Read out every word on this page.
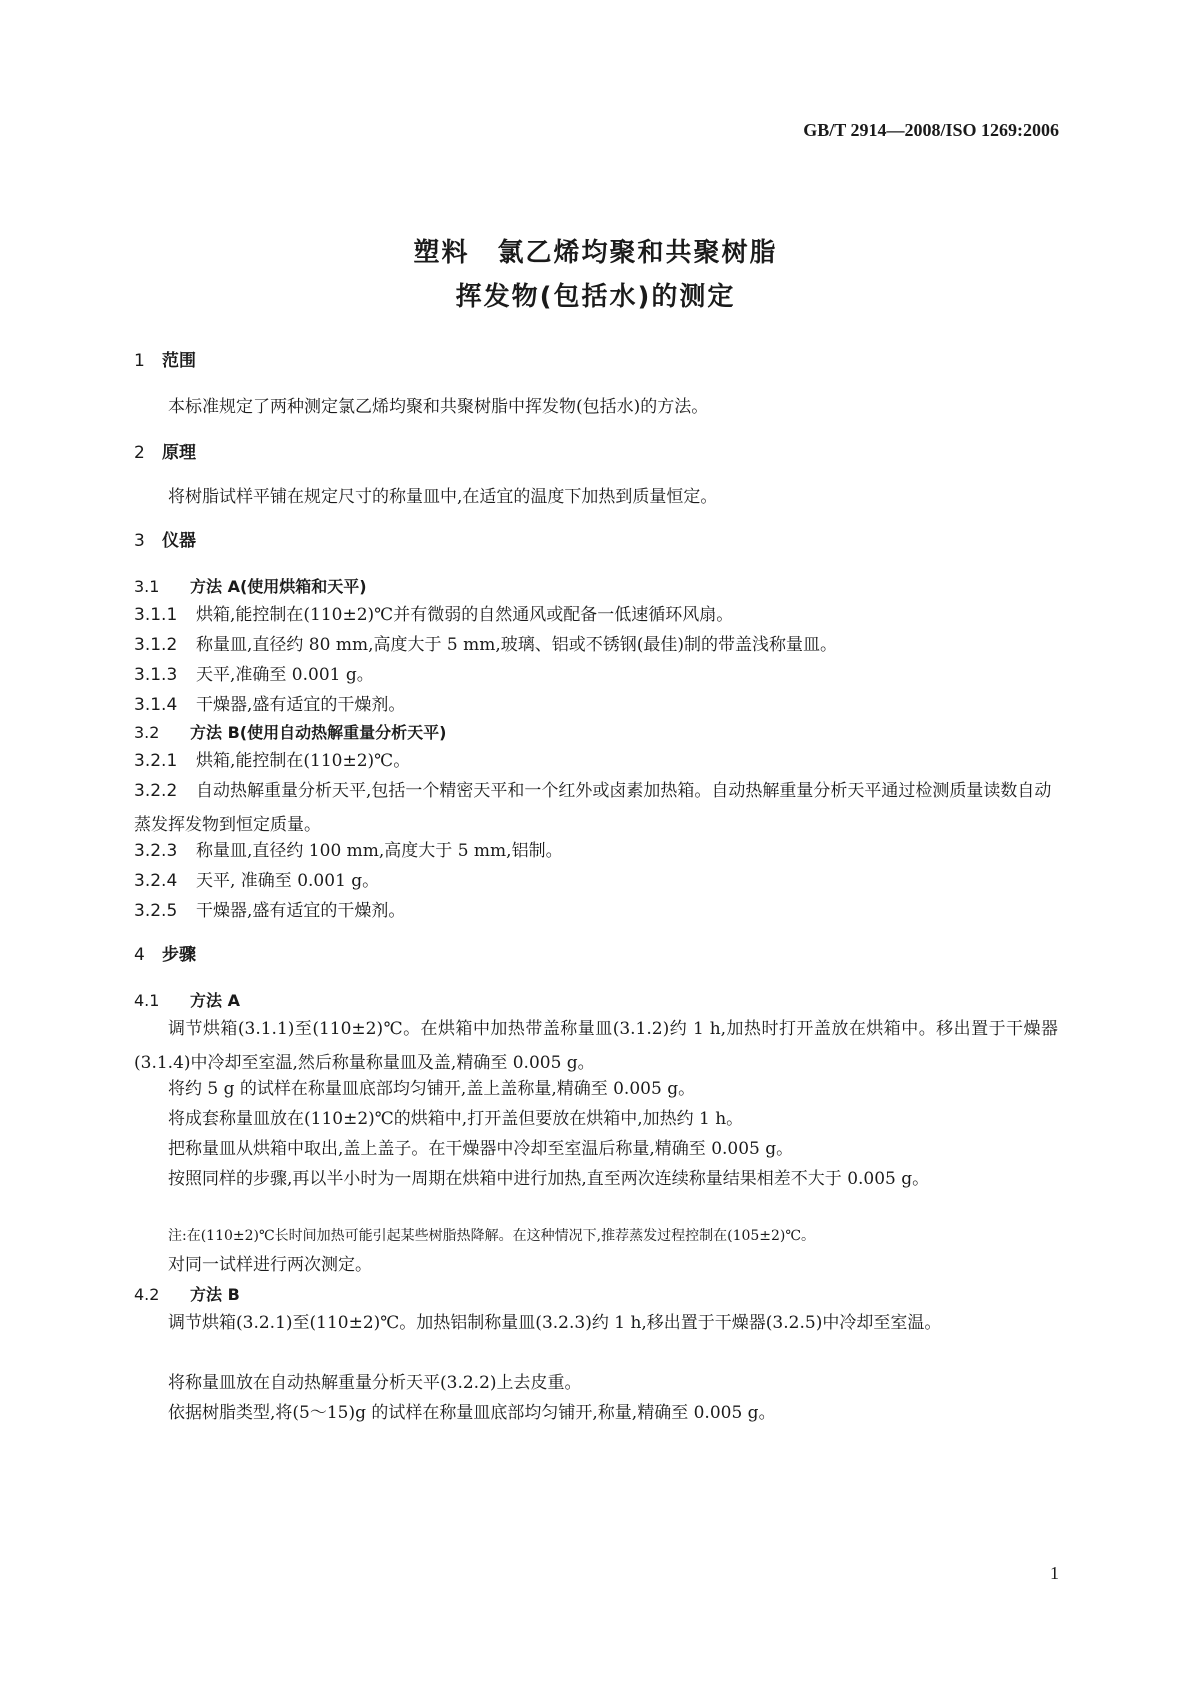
GB/T 2914—2008/ISO 1269:2006
塑料　氯乙烯均聚和共聚树脂
挥发物(包括水)的测定
1 范围
本标准规定了两种测定氯乙烯均聚和共聚树脂中挥发物(包括水)的方法。
2 原理
将树脂试样平铺在规定尺寸的称量皿中,在适宜的温度下加热到质量恒定。
3 仪器
3.1 方法 A(使用烘箱和天平)
3.1.1 烘箱,能控制在(110±2)℃并有微弱的自然通风或配备一低速循环风扇。
3.1.2 称量皿,直径约 80 mm,高度大于 5 mm,玻璃、铝或不锈钢(最佳)制的带盖浅称量皿。
3.1.3 天平,准确至 0.001 g。
3.1.4 干燥器,盛有适宜的干燥剂。
3.2 方法 B(使用自动热解重量分析天平)
3.2.1 烘箱,能控制在(110±2)℃。
3.2.2 自动热解重量分析天平,包括一个精密天平和一个红外或卤素加热箱。自动热解重量分析天平通过检测质量读数自动蒸发挥发物到恒定质量。
3.2.3 称量皿,直径约 100 mm,高度大于 5 mm,铝制。
3.2.4 天平, 准确至 0.001 g。
3.2.5 干燥器,盛有适宜的干燥剂。
4 步骤
4.1 方法 A
调节烘箱(3.1.1)至(110±2)℃。在烘箱中加热带盖称量皿(3.1.2)约 1 h,加热时打开盖放在烘箱中。移出置于干燥器(3.1.4)中冷却至室温,然后称量称量皿及盖,精确至 0.005 g。
将约 5 g 的试样在称量皿底部均匀铺开,盖上盖称量,精确至 0.005 g。
将成套称量皿放在(110±2)℃的烘箱中,打开盖但要放在烘箱中,加热约 1 h。
把称量皿从烘箱中取出,盖上盖子。在干燥器中冷却至室温后称量,精确至 0.005 g。
按照同样的步骤,再以半小时为一周期在烘箱中进行加热,直至两次连续称量结果相差不大于 0.005 g。
注:在(110±2)℃长时间加热可能引起某些树脂热降解。在这种情况下,推荐蒸发过程控制在(105±2)℃。
对同一试样进行两次测定。
4.2 方法 B
调节烘箱(3.2.1)至(110±2)℃。加热铝制称量皿(3.2.3)约 1 h,移出置于干燥器(3.2.5)中冷却至室温。
将称量皿放在自动热解重量分析天平(3.2.2)上去皮重。
依据树脂类型,将(5～15)g 的试样在称量皿底部均匀铺开,称量,精确至 0.005 g。
1
